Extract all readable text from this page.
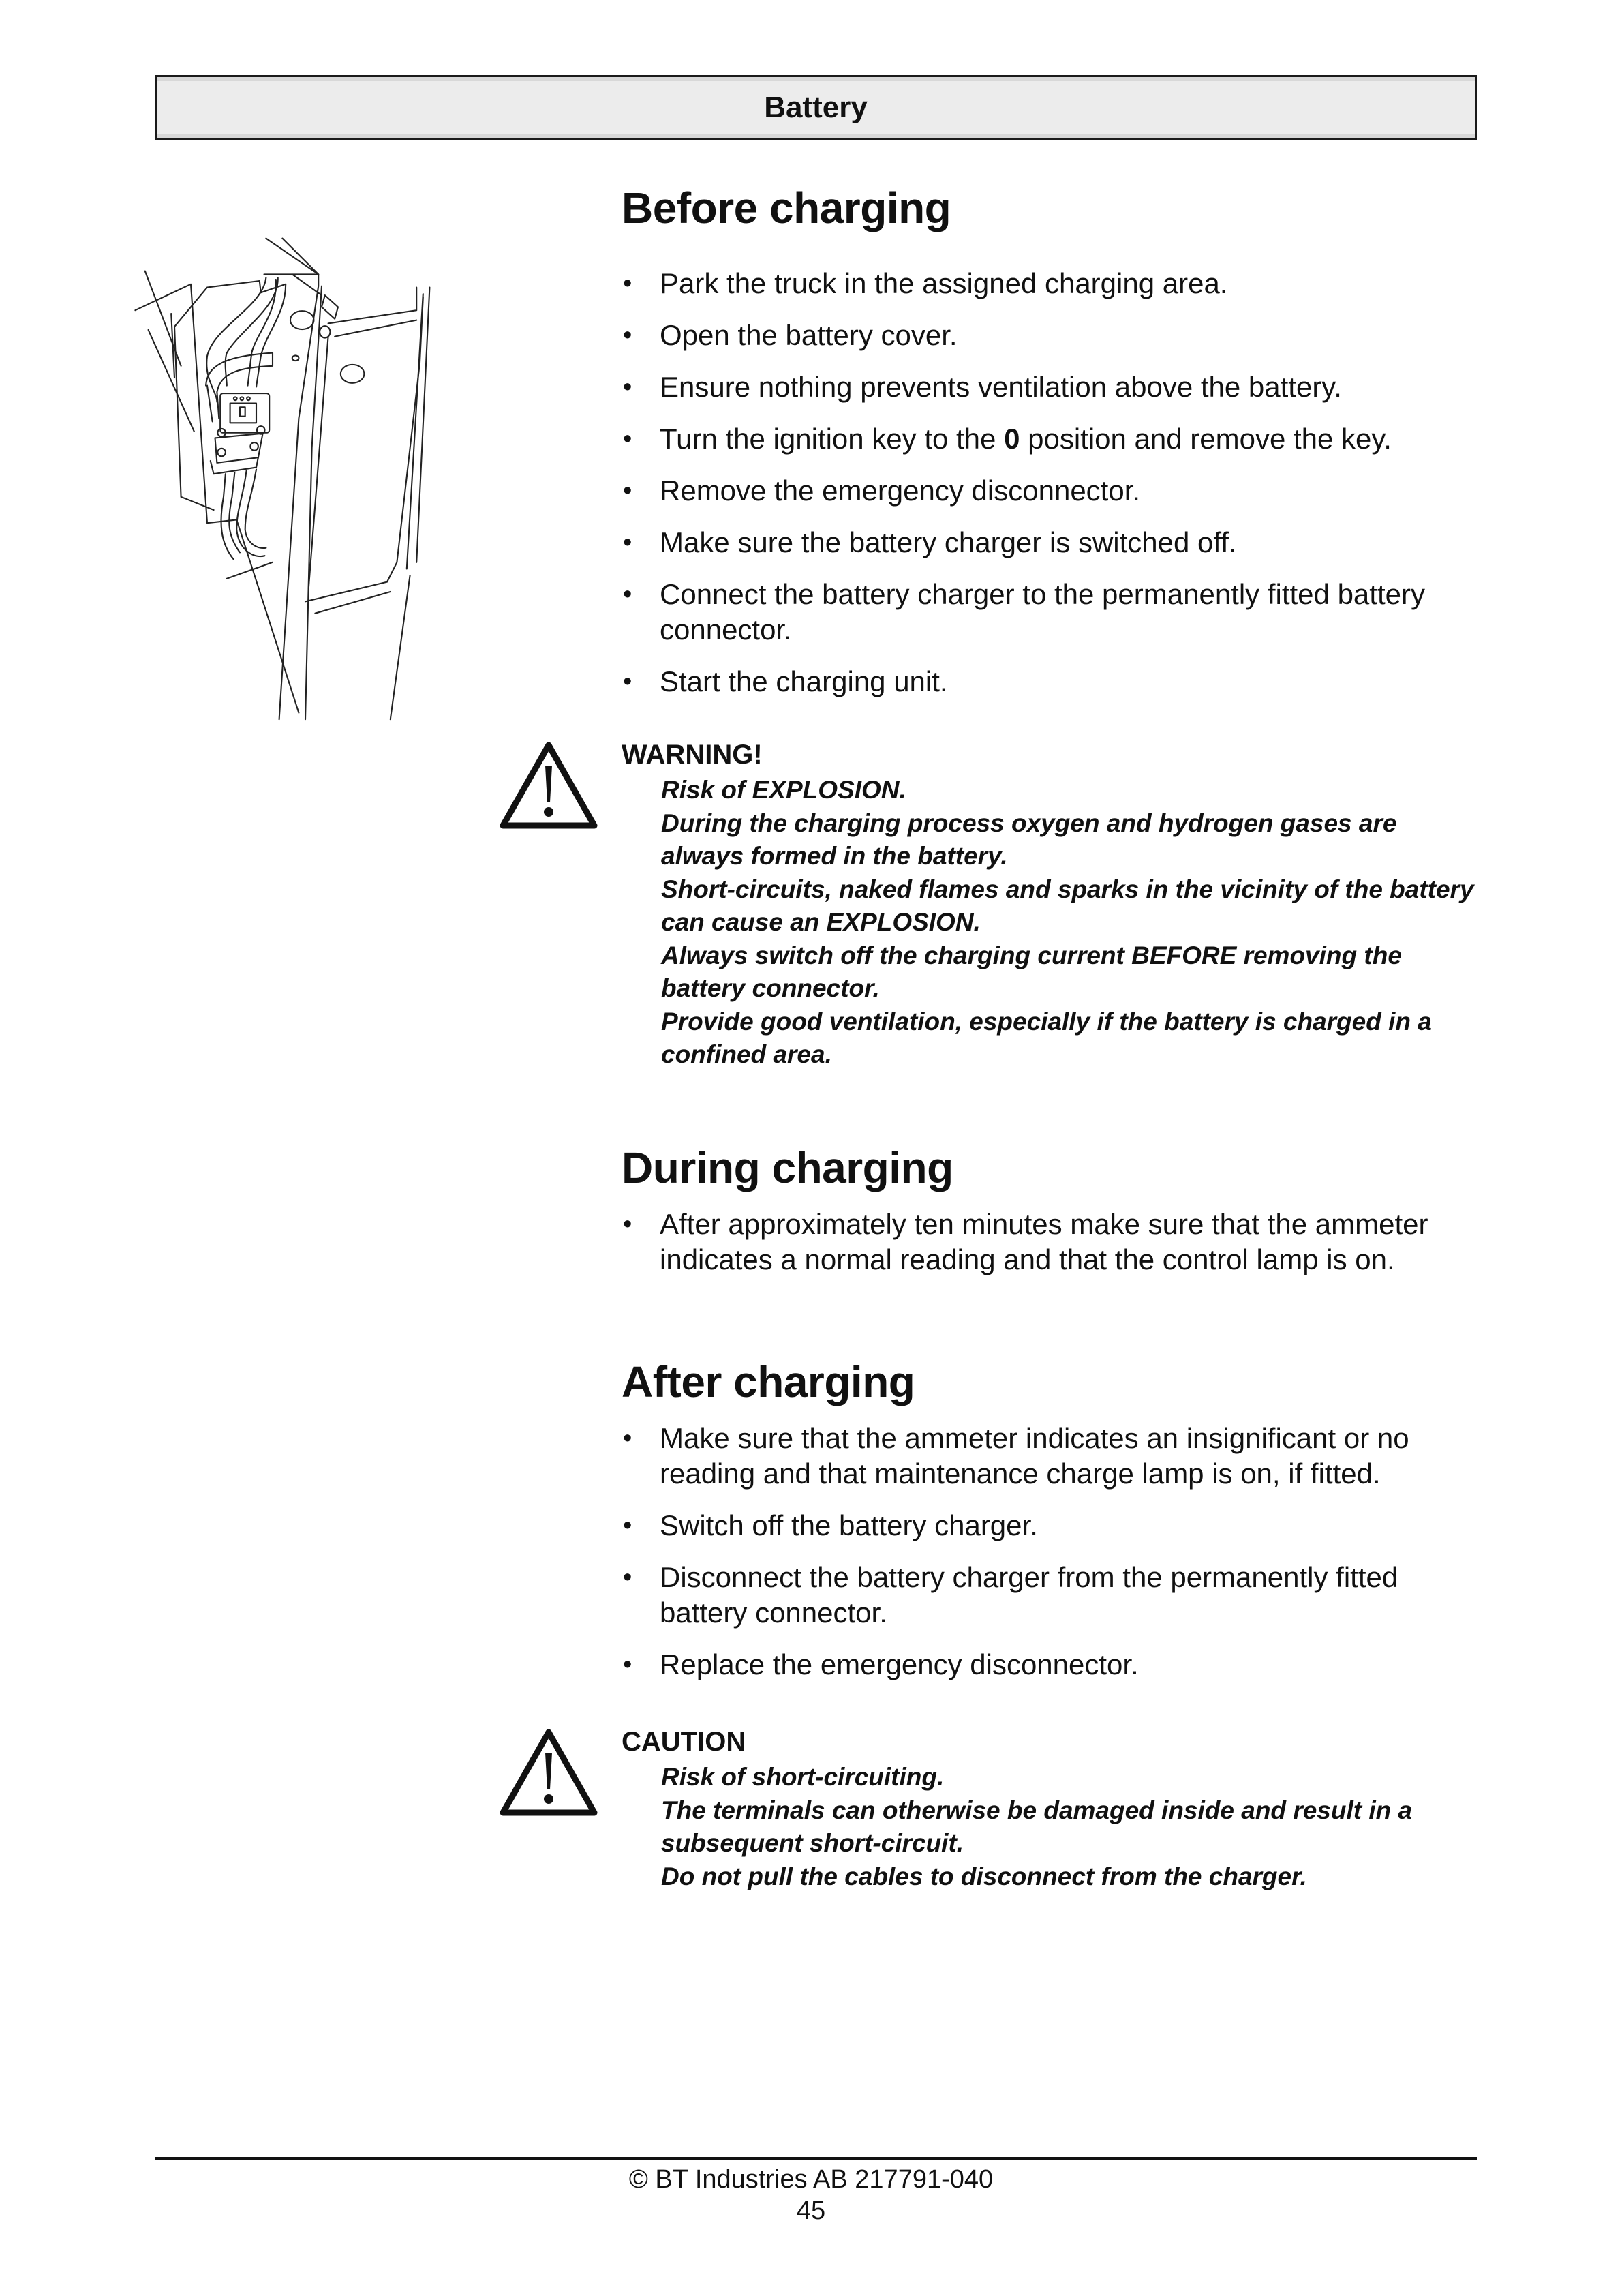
Battery
Before charging
• Park the truck in the assigned charging area.
• Open the battery cover.
• Ensure nothing prevents ventilation above the battery.
• Turn the ignition key to the 0 position and remove the key.
• Remove the emergency disconnector.
• Make sure the battery charger is switched off.
• Connect the battery charger to the permanently fitted battery connector.
• Start the charging unit.
WARNING!

Risk of EXPLOSION.

During the charging process oxygen and hydrogen gases are always formed in the battery.

Short-circuits, naked flames and sparks in the vicinity of the battery can cause an EXPLOSION.

Always switch off the charging current BEFORE removing the battery connector.

Provide good ventilation, especially if the battery is charged in a confined area.

During charging
• After approximately ten minutes make sure that the ammeter indicates a normal reading and that the control lamp is on.
After charging
• Make sure that the ammeter indicates an insignificant or no reading and that maintenance charge lamp is on, if fitted.
• Switch off the battery charger.
• Disconnect the battery charger from the permanently fitted battery connector.
• Replace the emergency disconnector.
CAUTION

Risk of short-circuiting.

The terminals can otherwise be damaged inside and result in a subsequent short-circuit.

Do not pull the cables to disconnect from the charger.

© BT Industries AB 217791-040
45
